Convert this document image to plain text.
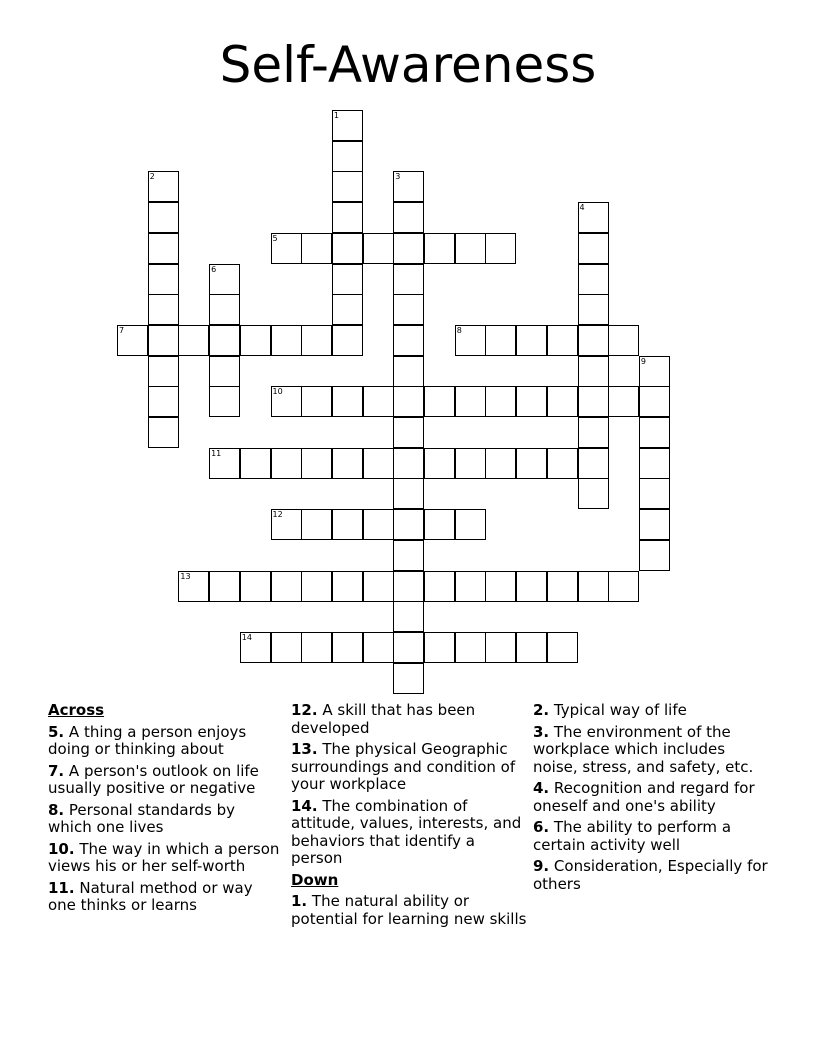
Self-Awareness
1
2	3
4
5
6
7	8
9
10
11
12
13
14
Across
5. A thing a person enjoys doing or thinking about
7. A person's outlook on life usually positive or negative
8. Personal standards by which one lives
10. The way in which a person views his or her self-worth
11. Natural method or way one thinks or learns
12. A skill that has been developed
13. The physical Geographic surroundings and condition of your workplace
14. The combination of attitude, values, interests, and behaviors that identify a person
Down
1. The natural ability or potential for learning new skills
2. Typical way of life
3. The environment of the workplace which includes noise, stress, and safety, etc.
4. Recognition and regard for oneself and one's ability
6. The ability to perform a certain activity well
9. Consideration, Especially for others
